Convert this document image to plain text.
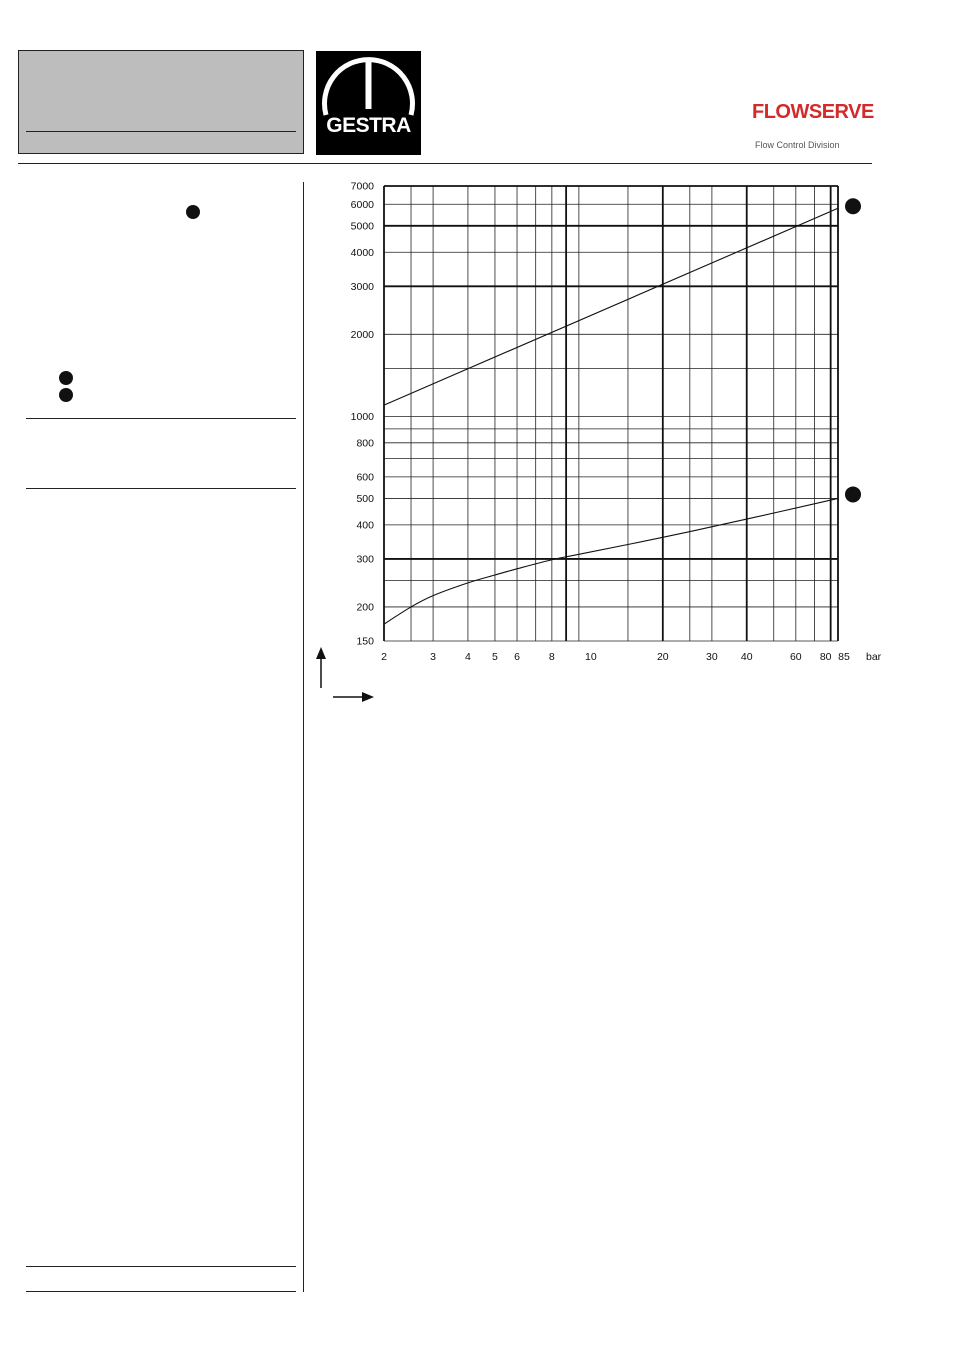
GESTRA
FLOWSERVE
Flow Control Division
150
200
300
400
500
600
800
1000
2000
3000
4000
5000
6000
7000
2	3	4 5 6	8	10	20	30 40	60 80 85 bar
